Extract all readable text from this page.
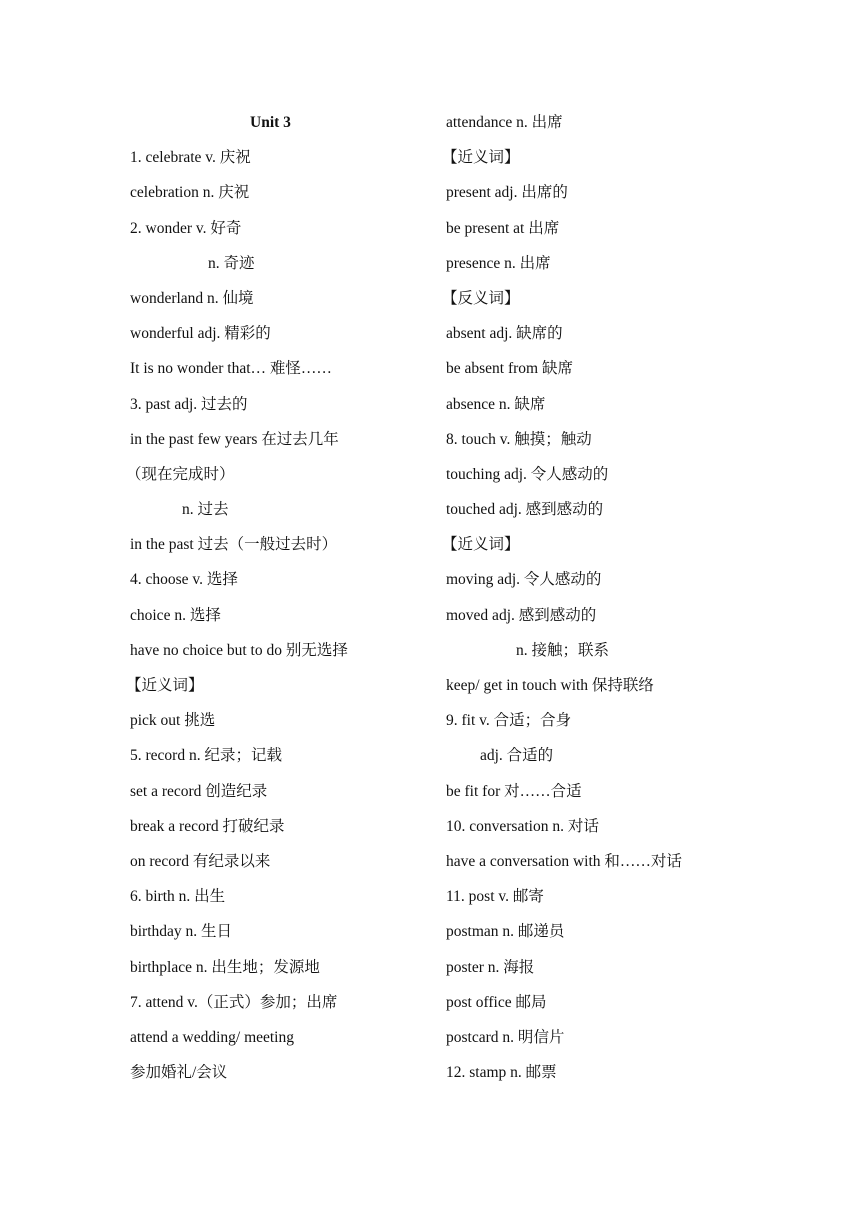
Unit 3
1. celebrate v. 庆祝
celebration n. 庆祝
2. wonder v. 好奇
n. 奇迹
wonderland n. 仙境
wonderful adj. 精彩的
It is no wonder that… 难怪……
3. past adj. 过去的
in the past few years 在过去几年
（现在完成时）
n. 过去
in the past 过去（一般过去时）
4. choose v. 选择
choice n. 选择
have no choice but to do 别无选择
【近义词】
pick out 挑选
5. record n. 纪录；记载
set a record 创造纪录
break a record 打破纪录
on record 有纪录以来
6. birth n. 出生
birthday n. 生日
birthplace n. 出生地；发源地
7. attend v.（正式）参加；出席
attend a wedding/ meeting
参加婚礼/会议
attendance n. 出席
【近义词】
present adj. 出席的
be present at 出席
presence n. 出席
【反义词】
absent adj. 缺席的
be absent from 缺席
absence n. 缺席
8. touch v. 触摸；触动
touching adj. 令人感动的
touched adj. 感到感动的
【近义词】
moving adj. 令人感动的
moved adj. 感到感动的
n. 接触；联系
keep/ get in touch with 保持联络
9. fit v. 合适；合身
adj. 合适的
be fit for 对……合适
10. conversation n. 对话
have a conversation with 和……对话
11. post v. 邮寄
postman n. 邮递员
poster n. 海报
post office 邮局
postcard n. 明信片
12. stamp n. 邮票
